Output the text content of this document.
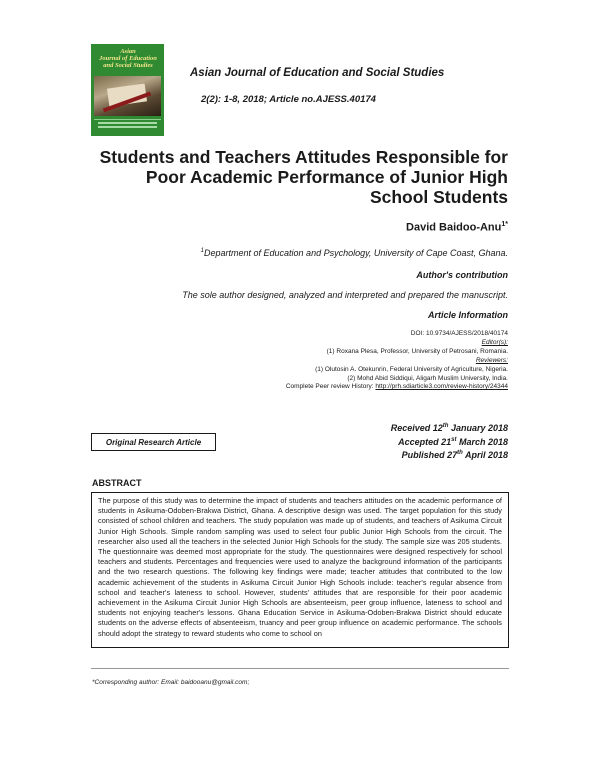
Asian
Journal of Education
and Social Studies
Asian Journal of Education and Social Studies
2(2): 1-8, 2018; Article no.AJESS.40174
Students and Teachers Attitudes Responsible for Poor Academic Performance of Junior High School Students
David Baidoo-Anu$^{1*}$
$^1$Department of Education and Psychology, University of Cape Coast, Ghana.
Author's contribution
The sole author designed, analyzed and interpreted and prepared the manuscript.
Article Information
DOI: 10.9734/AJESS/2018/40174
Editor(s):
(1) Roxana Plesa, Professor, University of Petrosani, Romania.
Reviewers:
(1) Olutosin A. Otekunrin, Federal University of Agriculture, Nigeria.
(2) Mohd Abid Siddiqui, Aligarh Muslim University, India.
Complete Peer review History: http://prh.sdiarticle3.com/review-history/24344
Original Research Article
Received 12th January 2018
Accepted 21st March 2018
Published 27th April 2018
ABSTRACT

The purpose of this study was to determine the impact of students and teachers attitudes on the academic performance of students in Asikuma-Odoben-Brakwa District, Ghana. A descriptive design was used. The target population for this study consisted of school children and teachers. The study population was made up of students, and teachers of Asikuma Circuit Junior High Schools. Simple random sampling was used to select four public Junior High Schools from the circuit. The researcher also used all the teachers in the selected Junior High Schools for the study. The sample size was 205 students. The questionnaire was deemed most appropriate for the study. The questionnaires were designed respectively for school teachers and students. Percentages and frequencies were used to analyze the background information of the participants and the two research questions. The following key findings were made; teacher attitudes that contributed to the low academic achievement of the students in Asikuma Circuit Junior High Schools include: teacher's regular absence from school and teacher's lateness to school. However, students' attitudes that are responsible for their poor academic achievement in the Asikuma Circuit Junior High Schools are absenteeism, peer group influence, lateness to school and students not enjoying teacher's lessons. Ghana Education Service in Asikuma-Odoben-Brakwa District should educate students on the adverse effects of absenteeism, truancy and peer group influence on academic performance. The schools should adopt the strategy to reward students who come to school on

*Corresponding author: Email: baidooanu@gmail.com;
